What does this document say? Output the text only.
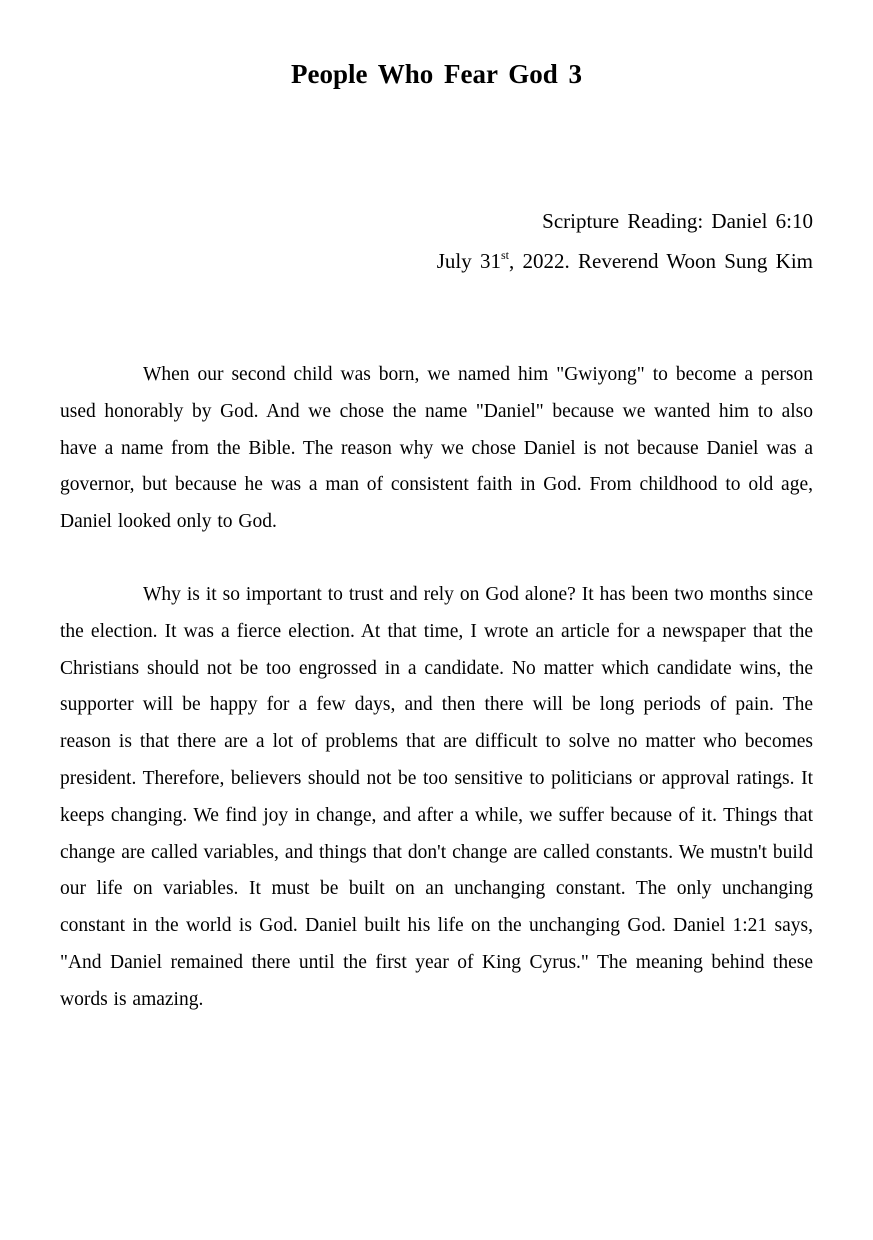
People Who Fear God 3
Scripture Reading: Daniel 6:10
July 31st, 2022. Reverend Woon Sung Kim

When our second child was born, we named him "Gwiyong" to become a person used honorably by God. And we chose the name "Daniel" because we wanted him to also have a name from the Bible. The reason why we chose Daniel is not because Daniel was a governor, but because he was a man of consistent faith in God. From childhood to old age, Daniel looked only to God.

Why is it so important to trust and rely on God alone? It has been two months since the election. It was a fierce election. At that time, I wrote an article for a newspaper that the Christians should not be too engrossed in a candidate. No matter which candidate wins, the supporter will be happy for a few days, and then there will be long periods of pain. The reason is that there are a lot of problems that are difficult to solve no matter who becomes president. Therefore, believers should not be too sensitive to politicians or approval ratings. It keeps changing. We find joy in change, and after a while, we suffer because of it. Things that change are called variables, and things that don't change are called constants. We mustn't build our life on variables. It must be built on an unchanging constant. The only unchanging constant in the world is God. Daniel built his life on the unchanging God. Daniel 1:21 says, "And Daniel remained there until the first year of King Cyrus." The meaning behind these words is amazing.
